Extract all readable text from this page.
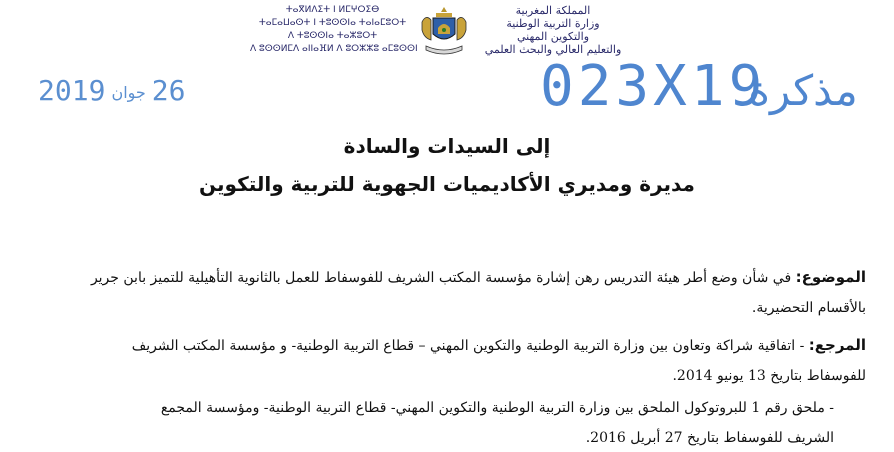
ⵜⴰⴳⵍⴷⵉⵜ ⵏ ⵍⵎⵖⵔⵉⴱ
ⵜⴰⵎⴰⵡⴰⵙⵜ ⵏ ⵜⵓⵙⵙⵏⴰ ⵜⴰⵏⴰⵎⵓⵔⵜ
ⴷ ⵜⵓⵙⵙⵏⴰ ⵜⴰⵣⵓⵔⵜ
ⴷ ⵓⵙⵙⵍⵎⴷ ⴰⵏⵏⴰⴼⵍ ⴷ ⵓⵔⵣⵣⵓ ⴰⵎⵓⵙⵙⵏ
المملكة المغربية
وزارة التربية الوطنية
والتكوين المهني
والتعليم العالي والبحث العلمي
26جوان2019	023X19
مذكرة
إلى السيدات والسادة
مديرة ومديري الأكاديميات الجهوية للتربية والتكوين
الموضوع: في شأن وضع أطر هيئة التدريس رهن إشارة مؤسسة المكتب الشريف للفوسفاط للعمل بالثانوية التأهيلية للتميز بابن جرير
بالأقسام التحضيرية.
المرجع: - اتفاقية شراكة وتعاون بين وزارة التربية الوطنية والتكوين المهني – قطاع التربية الوطنية- و مؤسسة المكتب الشريف
للفوسفاط بتاريخ 13 يونيو 2014.
- ملحق رقم 1 للبروتوكول الملحق بين وزارة التربية الوطنية والتكوين المهني- قطاع التربية الوطنية- ومؤسسة المجمع
الشريف للفوسفاط بتاريخ 27 أبريل 2016.
